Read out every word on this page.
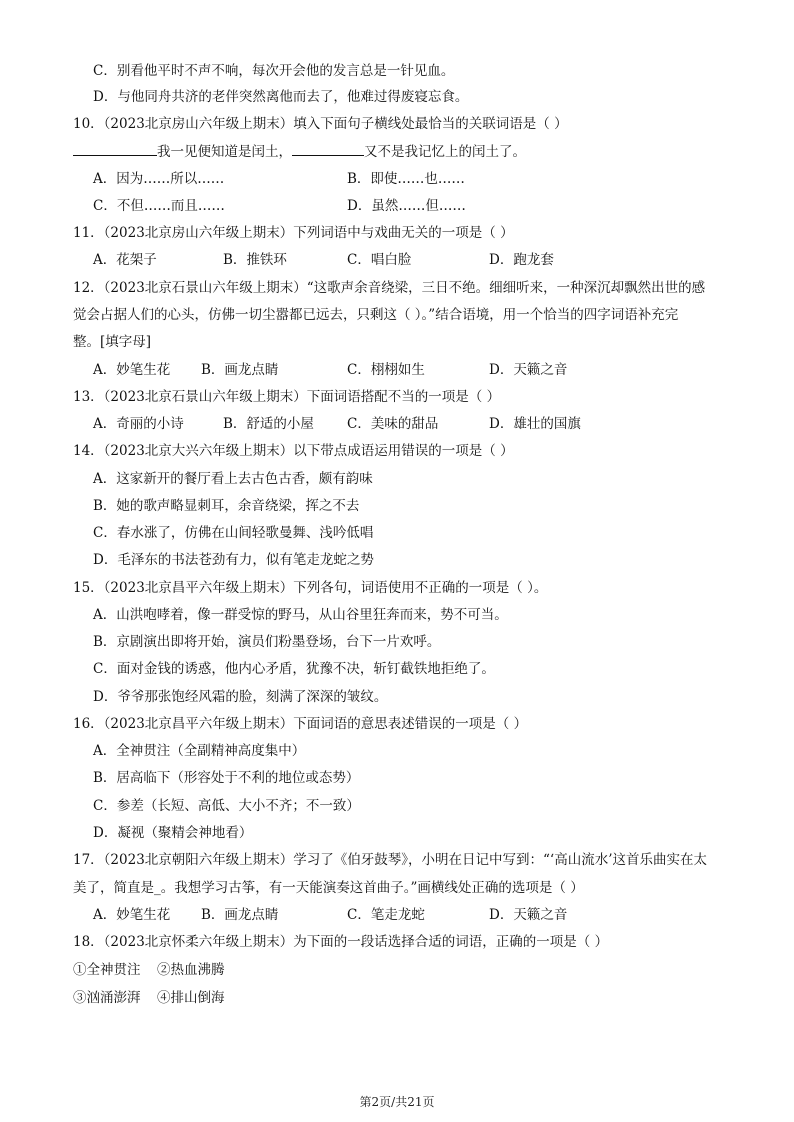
C．别看他平时不声不响，每次开会他的发言总是一针见血。
D．与他同舟共济的老伴突然离他而去了，他难过得废寝忘食。
10．（2023北京房山六年级上期末）填入下面句子横线处最恰当的关联词语是（ ）
我一见便知道是闰土，	又不是我记忆上的闰土了。
A．因为……所以……	B．即使……也……
C．不但……而且……	D．虽然……但……
11．（2023北京房山六年级上期末）下列词语中与戏曲无关的一项是（ ）
A．花架子	B．推铁环	C．唱白脸	D．跑龙套
12．（2023北京石景山六年级上期末）“这歌声余音绕梁，三日不绝。细细听来，一种深沉却飘然出世的感
觉会占据人们的心头，仿佛一切尘嚣都已远去，只剩这（ ）。”结合语境，用一个恰当的四字词语补充完
整。[填字母]
A．妙笔生花 B．画龙点睛	C．栩栩如生	D．天籁之音
13．（2023北京石景山六年级上期末）下面词语搭配不当的一项是（ ）
A．奇丽的小诗	B．舒适的小屋 C．美味的甜品	D．雄壮的国旗
14．（2023北京大兴六年级上期末）以下带点成语运用错误的一项是（ ）
A．这家新开的餐厅看上去古色古香，颇有韵味
B．她的歌声略显刺耳，余音绕梁，挥之不去
C．春水涨了，仿佛在山间轻歌曼舞、浅吟低唱
D．毛泽东的书法苍劲有力，似有笔走龙蛇之势
15．（2023北京昌平六年级上期末）下列各句，词语使用不正确的一项是（ ）。
A．山洪咆哮着，像一群受惊的野马，从山谷里狂奔而来，势不可当。
B．京剧演出即将开始，演员们粉墨登场，台下一片欢呼。
C．面对金钱的诱惑，他内心矛盾，犹豫不决，斩钉截铁地拒绝了。
D．爷爷那张饱经风霜的脸，刻满了深深的皱纹。
16．（2023北京昌平六年级上期末）下面词语的意思表述错误的一项是（ ）
A．全神贯注（全副精神高度集中）
B．居高临下（形容处于不利的地位或态势）
C．参差（长短、高低、大小不齐；不一致）
D．凝视（聚精会神地看）
17．（2023北京朝阳六年级上期末）学习了《伯牙鼓琴》，小明在日记中写到：“‘高山流水’这首乐曲实在太
美了，简直是_。我想学习古筝，有一天能演奏这首曲子。”画横线处正确的选项是（ ）
A．妙笔生花 B．画龙点睛	C．笔走龙蛇	D．天籁之音
18．（2023北京怀柔六年级上期末）为下面的一段话选择合适的词语，正确的一项是（ ）
①全神贯注 ②热血沸腾
③汹涌澎湃 ④排山倒海
第2页/共21页
